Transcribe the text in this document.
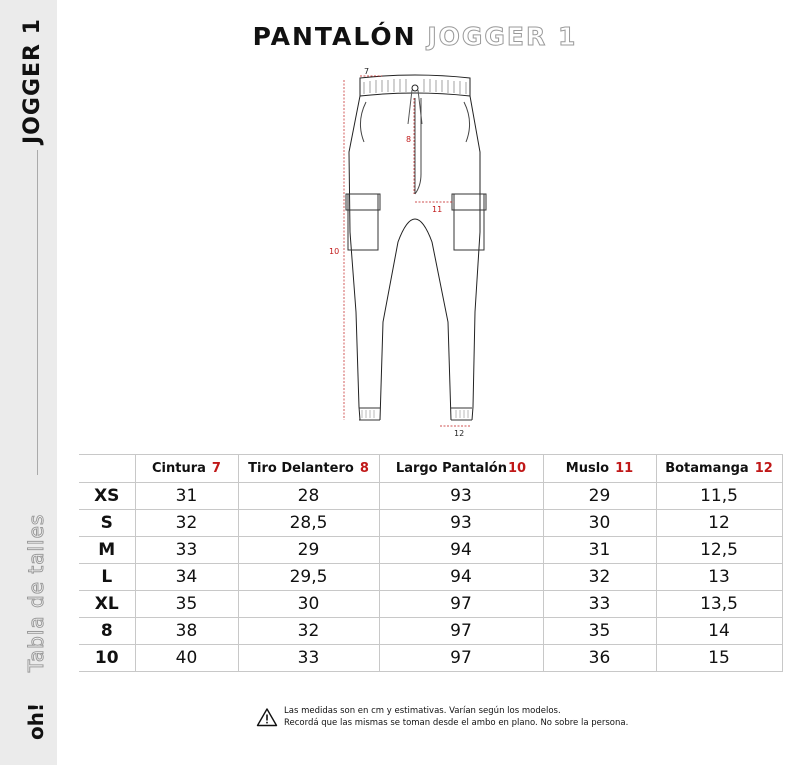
JOGGER 1
Tabla de talles
oh!
PANTALÓN JOGGER 1
7
8
10
11
12
	Cintura 7	Tiro Delantero 8	Largo Pantalón10	Muslo 11	Botamanga 12
XS	31	28	93	29	11,5
S	32	28,5	93	30	12
M	33	29	94	31	12,5
L	34	29,5	94	32	13
XL	35	30	97	33	13,5
8	38	32	97	35	14
10	40	33	97	36	15
Las medidas son en cm y estimativas. Varían según los modelos.
Recordá que las mismas se toman desde el ambo en plano. No sobre la persona.
